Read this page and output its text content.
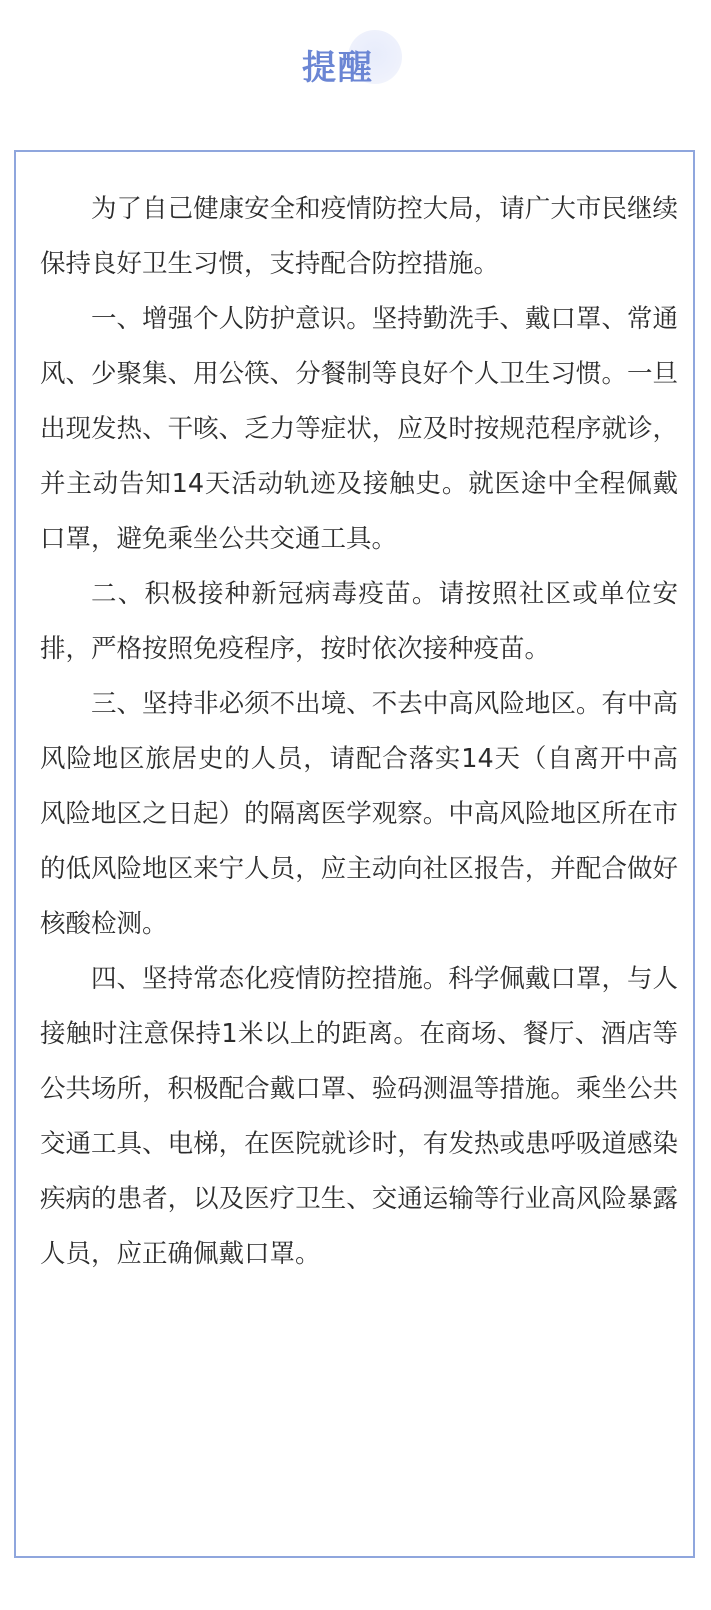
提醒

为了自己健康安全和疫情防控大局，请广大市民继续保持良好卫生习惯，支持配合防控措施。

一、增强个人防护意识。坚持勤洗手、戴口罩、常通风、少聚集、用公筷、分餐制等良好个人卫生习惯。一旦出现发热、干咳、乏力等症状，应及时按规范程序就诊，并主动告知14天活动轨迹及接触史。就医途中全程佩戴口罩，避免乘坐公共交通工具。

二、积极接种新冠病毒疫苗。请按照社区或单位安排，严格按照免疫程序，按时依次接种疫苗。

三、坚持非必须不出境、不去中高风险地区。有中高风险地区旅居史的人员，请配合落实14天（自离开中高风险地区之日起）的隔离医学观察。中高风险地区所在市的低风险地区来宁人员，应主动向社区报告，并配合做好核酸检测。

四、坚持常态化疫情防控措施。科学佩戴口罩，与人接触时注意保持1米以上的距离。在商场、餐厅、酒店等公共场所，积极配合戴口罩、验码测温等措施。乘坐公共交通工具、电梯，在医院就诊时，有发热或患呼吸道感染疾病的患者，以及医疗卫生、交通运输等行业高风险暴露人员，应正确佩戴口罩。
